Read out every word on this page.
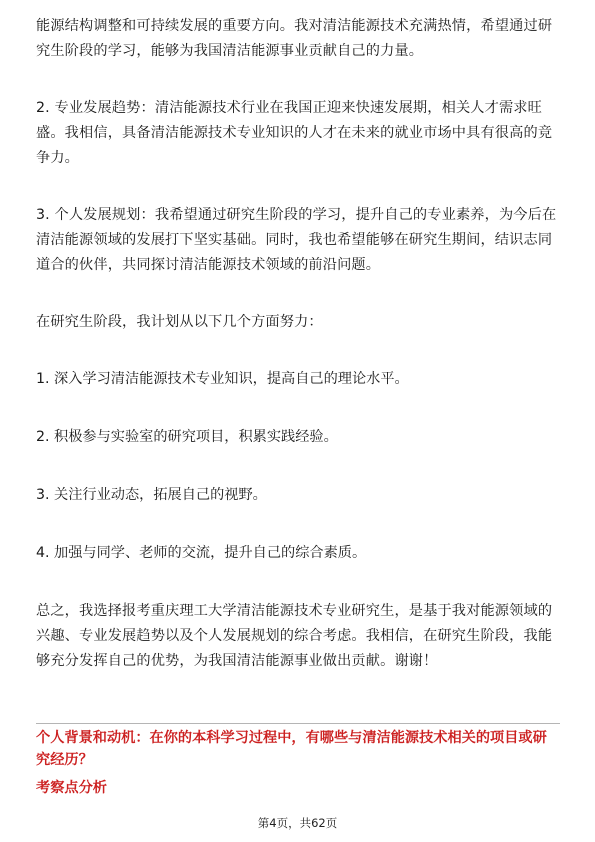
能源结构调整和可持续发展的重要方向。我对清洁能源技术充满热情，希望通过研究生阶段的学习，能够为我国清洁能源事业贡献自己的力量。

2. 专业发展趋势：清洁能源技术行业在我国正迎来快速发展期，相关人才需求旺盛。我相信，具备清洁能源技术专业知识的人才在未来的就业市场中具有很高的竞争力。

3. 个人发展规划：我希望通过研究生阶段的学习，提升自己的专业素养，为今后在清洁能源领域的发展打下坚实基础。同时，我也希望能够在研究生期间，结识志同道合的伙伴，共同探讨清洁能源技术领域的前沿问题。

在研究生阶段，我计划从以下几个方面努力：

1. 深入学习清洁能源技术专业知识，提高自己的理论水平。

2. 积极参与实验室的研究项目，积累实践经验。

3. 关注行业动态，拓展自己的视野。

4. 加强与同学、老师的交流，提升自己的综合素质。

总之，我选择报考重庆理工大学清洁能源技术专业研究生，是基于我对能源领域的兴趣、专业发展趋势以及个人发展规划的综合考虑。我相信，在研究生阶段，我能够充分发挥自己的优势，为我国清洁能源事业做出贡献。谢谢！

个人背景和动机：在你的本科学习过程中，有哪些与清洁能源技术相关的项目或研究经历？

考察点分析

第4页，共62页
